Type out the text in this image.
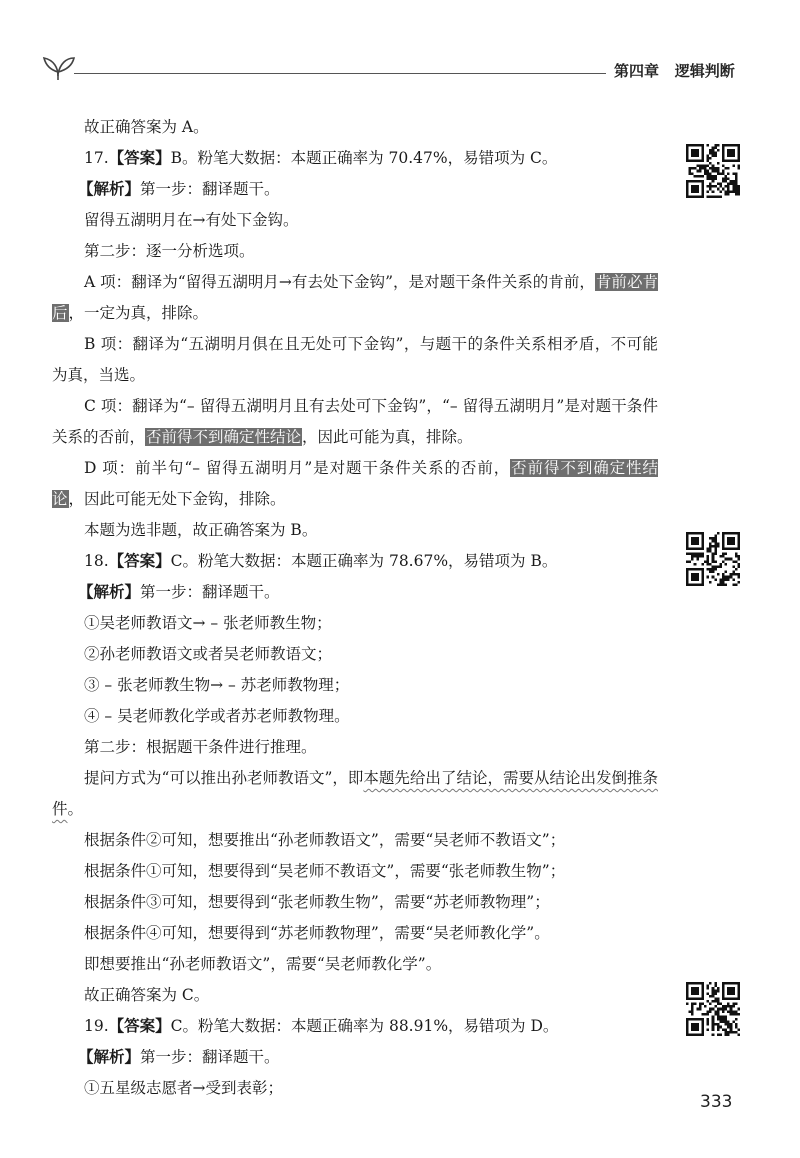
第四章 逻辑判断

故正确答案为 A。

17.【答案】B。粉笔大数据：本题正确率为 70.47%，易错项为 C。

【解析】第一步：翻译题干。

留得五湖明月在→有处下金钩。

第二步：逐一分析选项。

A 项：翻译为“留得五湖明月→有去处下金钩”，是对题干条件关系的肯前，肯前必肯后，一定为真，排除。

B 项：翻译为“五湖明月俱在且无处可下金钩”，与题干的条件关系相矛盾，不可能为真，当选。

C 项：翻译为“– 留得五湖明月且有去处可下金钩”，“– 留得五湖明月”是对题干条件关系的否前，否前得不到确定性结论，因此可能为真，排除。

D 项：前半句“– 留得五湖明月”是对题干条件关系的否前，否前得不到确定性结论，因此可能无处下金钩，排除。

本题为选非题，故正确答案为 B。

18.【答案】C。粉笔大数据：本题正确率为 78.67%，易错项为 B。

【解析】第一步：翻译题干。

①吴老师教语文→ – 张老师教生物；

②孙老师教语文或者吴老师教语文；

③ – 张老师教生物→ – 苏老师教物理；

④ – 吴老师教化学或者苏老师教物理。

第二步：根据题干条件进行推理。

提问方式为“可以推出孙老师教语文”，即本题先给出了结论，需要从结论出发倒推条件。

根据条件②可知，想要推出“孙老师教语文”，需要“吴老师不教语文”；

根据条件①可知，想要得到“吴老师不教语文”，需要“张老师教生物”；

根据条件③可知，想要得到“张老师教生物”，需要“苏老师教物理”；

根据条件④可知，想要得到“苏老师教物理”，需要“吴老师教化学”。

即想要推出“孙老师教语文”，需要“吴老师教化学”。

故正确答案为 C。

19.【答案】C。粉笔大数据：本题正确率为 88.91%，易错项为 D。

【解析】第一步：翻译题干。

①五星级志愿者→受到表彰；

333
